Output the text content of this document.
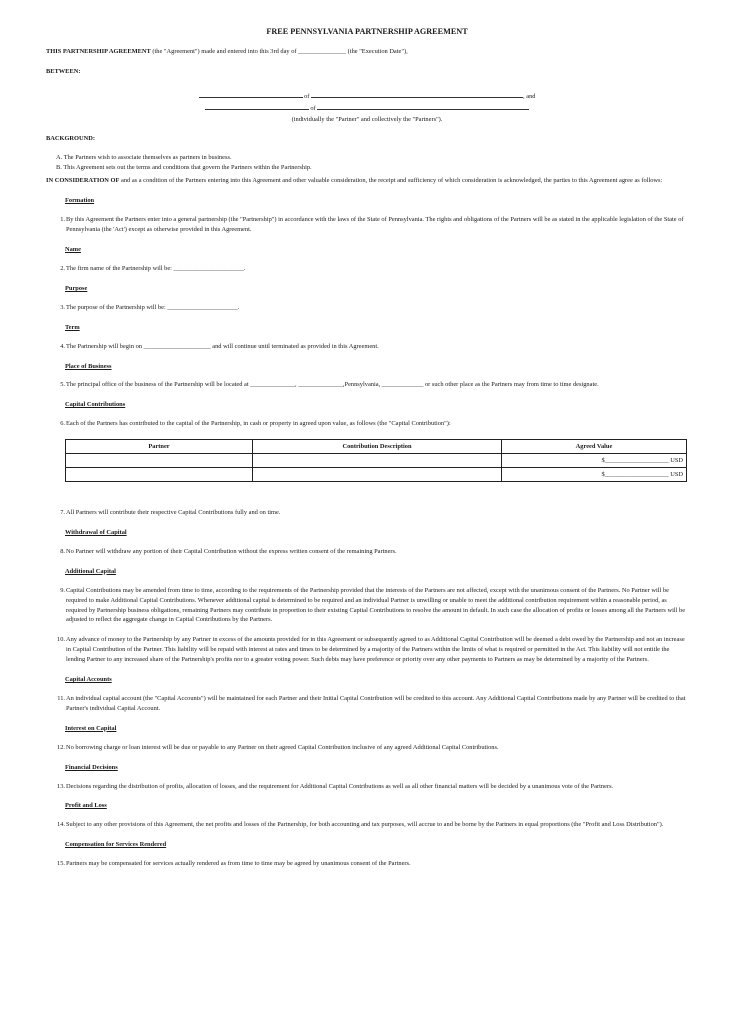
FREE PENNSYLVANIA PARTNERSHIP AGREEMENT
THIS PARTNERSHIP AGREEMENT (the "Agreement") made and entered into this 3rd day of _______________ (the "Execution Date"),
BETWEEN:
of	, and
of
(individually the "Partner" and collectively the "Partners").
BACKGROUND:
A. The Partners wish to associate themselves as partners in business.
B. This Agreement sets out the terms and conditions that govern the Partners within the Partnership.
IN CONSIDERATION OF and as a condition of the Partners entering into this Agreement and other valuable consideration, the receipt and sufficiency of which consideration is acknowledged, the parties to this Agreement agree as follows:
Formation
1. By this Agreement the Partners enter into a general partnership (the "Partnership") in accordance with the laws of the State of Pennsylvania. The rights and obligations of the Partners will be as stated in the applicable legislation of the State of Pennsylvania (the 'Act') except as otherwise provided in this Agreement.
Name
2. The firm name of the Partnership will be: ______________________.
Purpose
3. The purpose of the Partnership will be: ______________________.
Term
4. The Partnership will begin on _____________________ and will continue until terminated as provided in this Agreement.
Place of Business
5. The principal office of the business of the Partnership will be located at ______________, ______________,Pennsylvania, _____________ or such other place as the Partners may from time to time designate.
Capital Contributions
6. Each of the Partners has contributed to the capital of the Partnership, in cash or property in agreed upon value, as follows (the "Capital Contribution"):
Partner	Contribution Description	Agreed Value
		$____________________ USD
		$____________________ USD
7. All Partners will contribute their respective Capital Contributions fully and on time.
Withdrawal of Capital
8. No Partner will withdraw any portion of their Capital Contribution without the express written consent of the remaining Partners.
Additional Capital
9. Capital Contributions may be amended from time to time, according to the requirements of the Partnership provided that the interests of the Partners are not affected, except with the unanimous consent of the Partners. No Partner will be required to make Additional Capital Contributions. Whenever additional capital is determined to be required and an individual Partner is unwilling or unable to meet the additional contribution requirement within a reasonable period, as required by Partnership business obligations, remaining Partners may contribute in proportion to their existing Capital Contributions to resolve the amount in default. In such case the allocation of profits or losses among all the Partners will be adjusted to reflect the aggregate change in Capital Contributions by the Partners.
10. Any advance of money to the Partnership by any Partner in excess of the amounts provided for in this Agreement or subsequently agreed to as Additional Capital Contribution will be deemed a debt owed by the Partnership and not an increase in Capital Contribution of the Partner. This liability will be repaid with interest at rates and times to be determined by a majority of the Partners within the limits of what is required or permitted in the Act. This liability will not entitle the lending Partner to any increased share of the Partnership's profits nor to a greater voting power. Such debts may have preference or priority over any other payments to Partners as may be determined by a majority of the Partners.
Capital Accounts
11. An individual capital account (the "Capital Accounts") will be maintained for each Partner and their Initial Capital Contribution will be credited to this account. Any Additional Capital Contributions made by any Partner will be credited to that Partner's individual Capital Account.
Interest on Capital
12. No borrowing charge or loan interest will be due or payable to any Partner on their agreed Capital Contribution inclusive of any agreed Additional Capital Contributions.
Financial Decisions
13. Decisions regarding the distribution of profits, allocation of losses, and the requirement for Additional Capital Contributions as well as all other financial matters will be decided by a unanimous vote of the Partners.
Profit and Loss
14. Subject to any other provisions of this Agreement, the net profits and losses of the Partnership, for both accounting and tax purposes, will accrue to and be borne by the Partners in equal proportions (the "Profit and Loss Distribution").
Compensation for Services Rendered
15. Partners may be compensated for services actually rendered as from time to time may be agreed by unanimous consent of the Partners.
